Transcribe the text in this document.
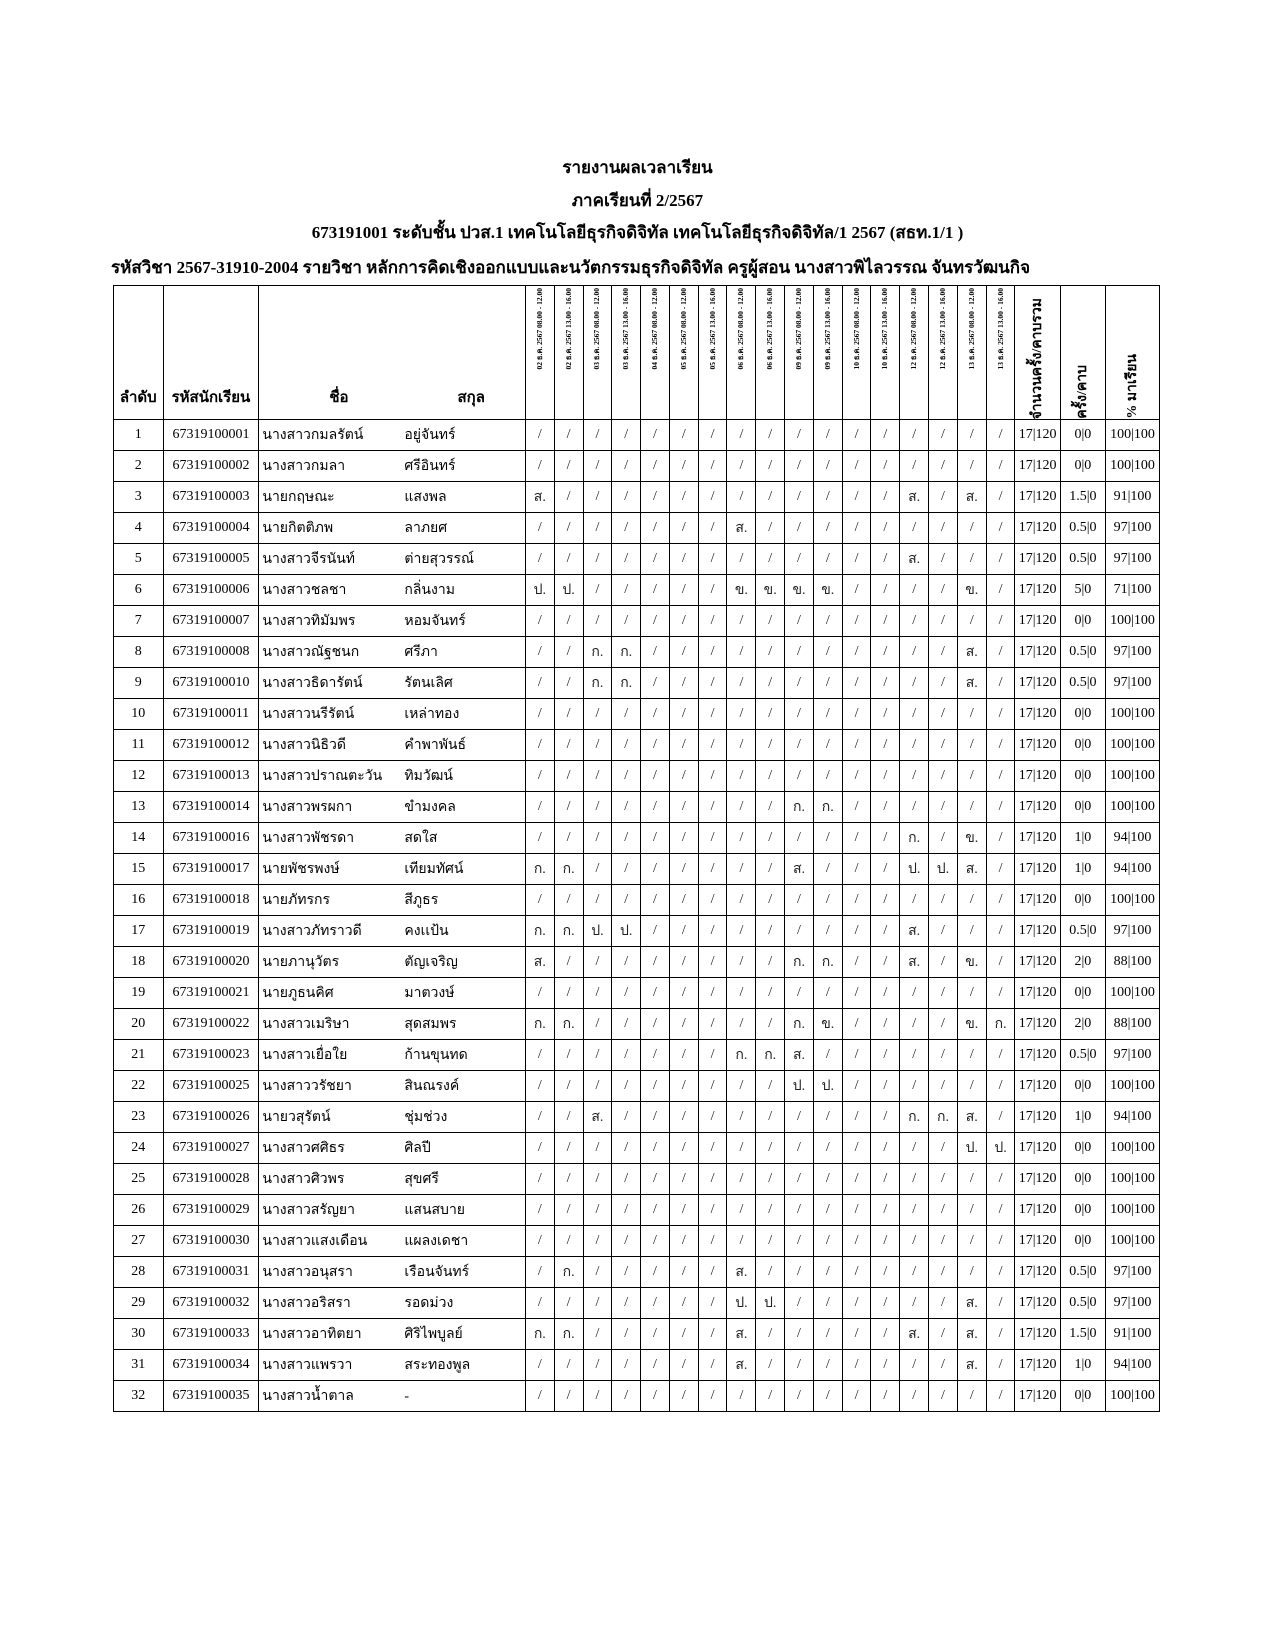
รายงานผลเวลาเรียน
ภาคเรียนที่ 2/2567
673191001 ระดับชั้น ปวส.1 เทคโนโลยีธุรกิจดิจิทัล เทคโนโลยีธุรกิจดิจิทัล/1 2567 (สธท.1/1 )
รหัสวิชา 2567-31910-2004 รายวิชา หลักการคิดเชิงออกแบบและนวัตกรรมธุรกิจดิจิทัล ครูผู้สอน นางสาวพิไลวรรณ จันทรวัฒนกิจ
ลำดับ	รหัสนักเรียน	ชื่อ สกุล	02 ธ.ค. 2567 08.00 - 12.00	02 ธ.ค. 2567 13.00 - 16.00	03 ธ.ค. 2567 08.00 - 12.00	03 ธ.ค. 2567 13.00 - 16.00	04 ธ.ค. 2567 08.00 - 12.00	05 ธ.ค. 2567 08.00 - 12.00	05 ธ.ค. 2567 13.00 - 16.00	06 ธ.ค. 2567 08.00 - 12.00	06 ธ.ค. 2567 13.00 - 16.00	09 ธ.ค. 2567 08.00 - 12.00	09 ธ.ค. 2567 13.00 - 16.00	10 ธ.ค. 2567 08.00 - 12.00	10 ธ.ค. 2567 13.00 - 16.00	12 ธ.ค. 2567 08.00 - 12.00	12 ธ.ค. 2567 13.00 - 16.00	13 ธ.ค. 2567 08.00 - 12.00	13 ธ.ค. 2567 13.00 - 16.00	จำนวนครั้ง/คาบรวม	ครั้ง/คาบ	% มาเรียน

1	67319100001	นางสาวกมลรัตน์ อยู่จันทร์	/	/	/	/	/	/	/	/	/	/	/	/	/	/	/	/	/	17|120	0|0	100|100
2	67319100002	นางสาวกมลา ศรีอินทร์	/	/	/	/	/	/	/	/	/	/	/	/	/	/	/	/	/	17|120	0|0	100|100
3	67319100003	นายกฤษณะ แสงพล	ส.	/	/	/	/	/	/	/	/	/	/	/	/	ส.	/	ส.	/	17|120	1.5|0	91|100
4	67319100004	นายกิตติภพ ลาภยศ	/	/	/	/	/	/	/	ส.	/	/	/	/	/	/	/	/	/	17|120	0.5|0	97|100
5	67319100005	นางสาวจีรนันท์ ต่ายสุวรรณ์	/	/	/	/	/	/	/	/	/	/	/	/	/	ส.	/	/	/	17|120	0.5|0	97|100
6	67319100006	นางสาวชลชา กลิ่นงาม	ป.	ป.	/	/	/	/	/	ข.	ข.	ข.	ข.	/	/	/	/	ข.	/	17|120	5|0	71|100
7	67319100007	นางสาวทิมัมพร หอมจันทร์	/	/	/	/	/	/	/	/	/	/	/	/	/	/	/	/	/	17|120	0|0	100|100
8	67319100008	นางสาวณัฐชนก ศรีภา	/	/	ก.	ก.	/	/	/	/	/	/	/	/	/	/	/	ส.	/	17|120	0.5|0	97|100
9	67319100010	นางสาวธิดารัตน์ รัตนเลิศ	/	/	ก.	ก.	/	/	/	/	/	/	/	/	/	/	/	ส.	/	17|120	0.5|0	97|100
10	67319100011	นางสาวนรีรัตน์ เหล่าทอง	/	/	/	/	/	/	/	/	/	/	/	/	/	/	/	/	/	17|120	0|0	100|100
11	67319100012	นางสาวนิธิวดี คำพาพันธ์	/	/	/	/	/	/	/	/	/	/	/	/	/	/	/	/	/	17|120	0|0	100|100
12	67319100013	นางสาวปราณตะวัน ทิมวัฒน์	/	/	/	/	/	/	/	/	/	/	/	/	/	/	/	/	/	17|120	0|0	100|100
13	67319100014	นางสาวพรผกา ขำมงคล	/	/	/	/	/	/	/	/	/	ก.	ก.	/	/	/	/	/	/	17|120	0|0	100|100
14	67319100016	นางสาวพัชรดา สดใส	/	/	/	/	/	/	/	/	/	/	/	/	/	ก.	/	ข.	/	17|120	1|0	94|100
15	67319100017	นายพัชรพงษ์ เทียมทัศน์	ก.	ก.	/	/	/	/	/	/	/	ส.	/	/	/	ป.	ป.	ส.	/	17|120	1|0	94|100
16	67319100018	นายภัทรกร สีภูธร	/	/	/	/	/	/	/	/	/	/	/	/	/	/	/	/	/	17|120	0|0	100|100
17	67319100019	นางสาวภัทราวดี คงเเป้น	ก.	ก.	ป.	ป.	/	/	/	/	/	/	/	/	/	ส.	/	/	/	17|120	0.5|0	97|100
18	67319100020	นายภานุวัตร ตัญเจริญ	ส.	/	/	/	/	/	/	/	/	ก.	ก.	/	/	ส.	/	ข.	/	17|120	2|0	88|100
19	67319100021	นายภูธนคิศ มาตวงษ์	/	/	/	/	/	/	/	/	/	/	/	/	/	/	/	/	/	17|120	0|0	100|100
20	67319100022	นางสาวเมริษา สุดสมพร	ก.	ก.	/	/	/	/	/	/	/	ก.	ข.	/	/	/	/	ข.	ก.	17|120	2|0	88|100
21	67319100023	นางสาวเยื่อใย ก้านขุนทด	/	/	/	/	/	/	/	ก.	ก.	ส.	/	/	/	/	/	/	/	17|120	0.5|0	97|100
22	67319100025	นางสาววรัชยา สินณรงค์	/	/	/	/	/	/	/	/	/	ป.	ป.	/	/	/	/	/	/	17|120	0|0	100|100
23	67319100026	นายวสุรัตน์ ชุ่มช่วง	/	/	ส.	/	/	/	/	/	/	/	/	/	/	ก.	ก.	ส.	/	17|120	1|0	94|100
24	67319100027	นางสาวศศิธร ศิลปี	/	/	/	/	/	/	/	/	/	/	/	/	/	/	/	ป.	ป.	17|120	0|0	100|100
25	67319100028	นางสาวศิวพร สุขศรี	/	/	/	/	/	/	/	/	/	/	/	/	/	/	/	/	/	17|120	0|0	100|100
26	67319100029	นางสาวสรัญยา แสนสบาย	/	/	/	/	/	/	/	/	/	/	/	/	/	/	/	/	/	17|120	0|0	100|100
27	67319100030	นางสาวแสงเดือน แผลงเดชา	/	/	/	/	/	/	/	/	/	/	/	/	/	/	/	/	/	17|120	0|0	100|100
28	67319100031	นางสาวอนุสรา เรือนจันทร์	/	ก.	/	/	/	/	/	ส.	/	/	/	/	/	/	/	/	/	17|120	0.5|0	97|100
29	67319100032	นางสาวอริสรา รอดม่วง	/	/	/	/	/	/	/	ป.	ป.	/	/	/	/	/	/	ส.	/	17|120	0.5|0	97|100
30	67319100033	นางสาวอาทิตยา ศิริไพบูลย์	ก.	ก.	/	/	/	/	/	ส.	/	/	/	/	/	ส.	/	ส.	/	17|120	1.5|0	91|100
31	67319100034	นางสาวแพรวา สระทองพูล	/	/	/	/	/	/	/	ส.	/	/	/	/	/	/	/	ส.	/	17|120	1|0	94|100
32	67319100035	นางสาวน้ำตาล -	/	/	/	/	/	/	/	/	/	/	/	/	/	/	/	/	/	17|120	0|0	100|100
